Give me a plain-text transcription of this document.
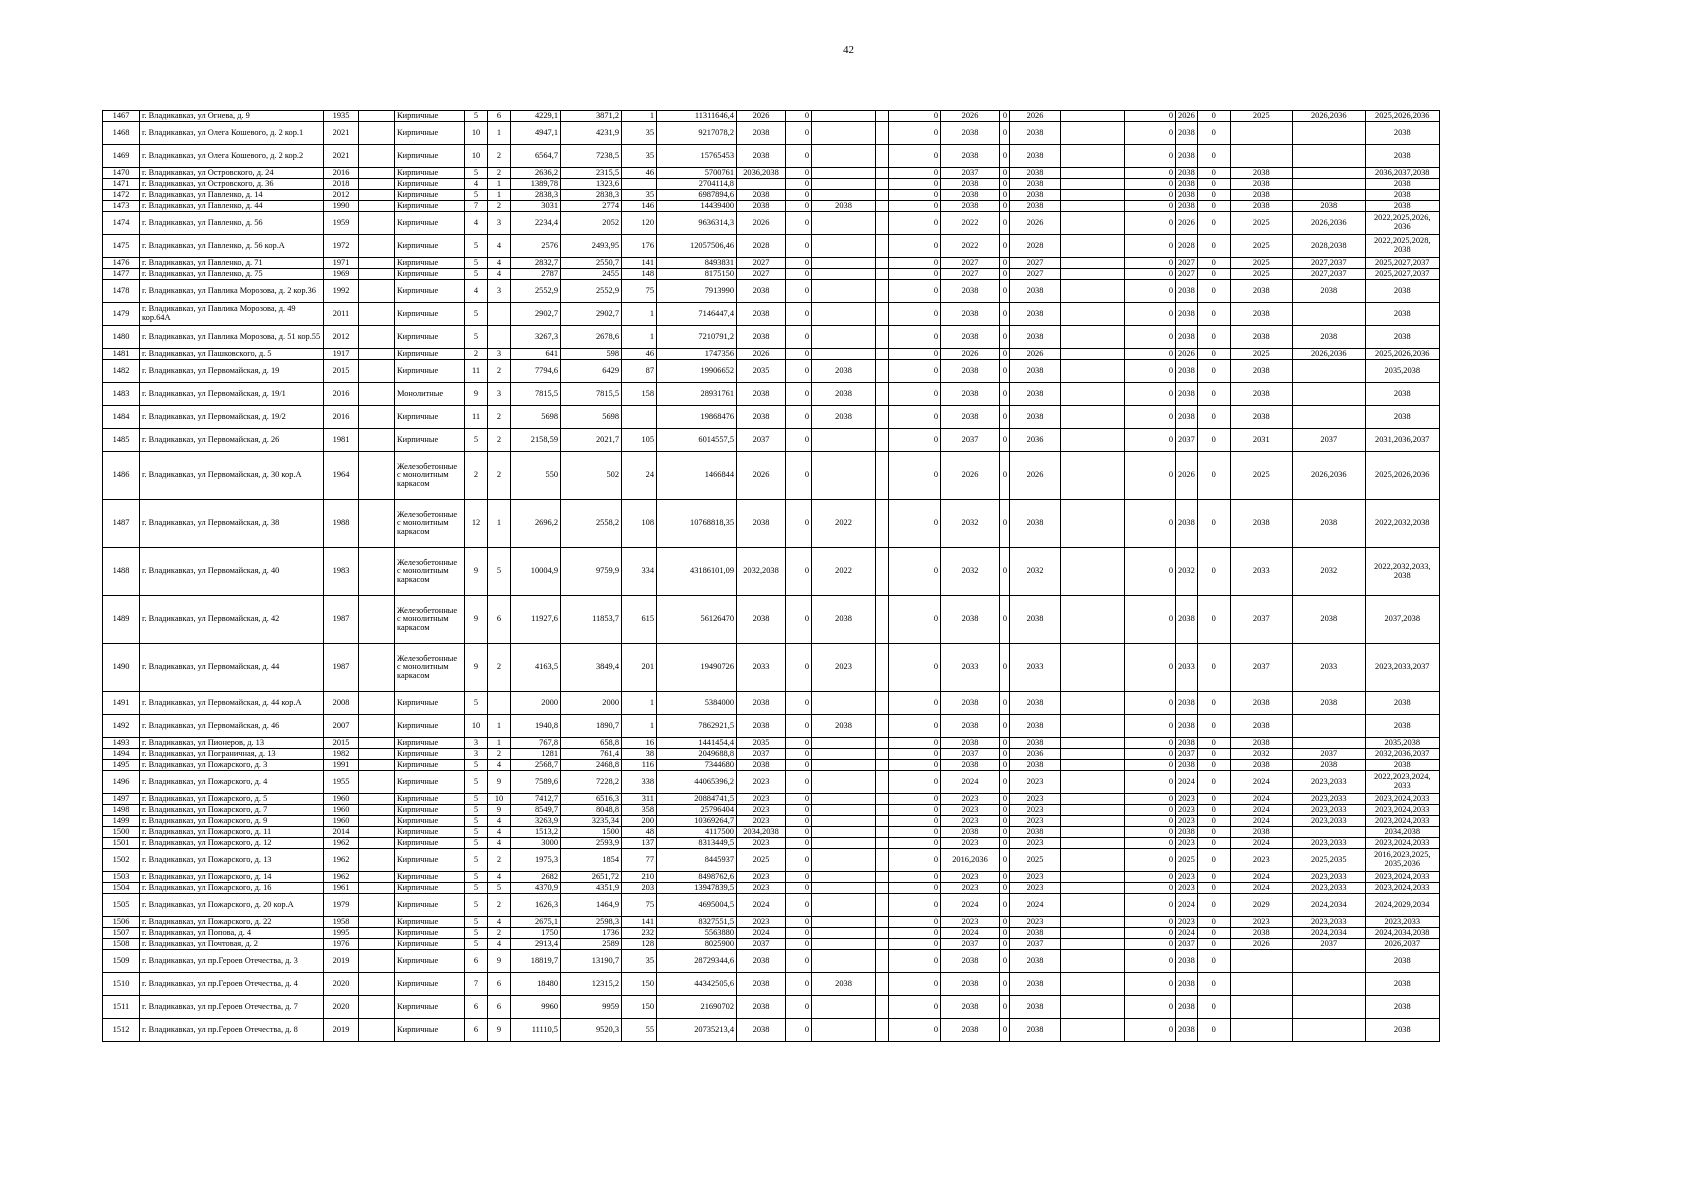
42
1467	г. Владикавказ, ул Огнева, д. 9	1935		Кирпичные	5	6	4229,1	3871,2	1	11311646,4	2026	0			0	2026	0	2026		0	2026	0	2025	2026,2036	2025,2026,2036
1468	г. Владикавказ, ул Олега Кошевого, д. 2 кор.1	2021		Кирпичные	10	1	4947,1	4231,9	35	9217078,2	2038	0			0	2038	0	2038		0	2038	0			2038
1469	г. Владикавказ, ул Олега Кошевого, д. 2 кор.2	2021		Кирпичные	10	2	6564,7	7238,5	35	15765453	2038	0			0	2038	0	2038		0	2038	0			2038
1470	г. Владикавказ, ул Островского, д. 24	2016		Кирпичные	5	2	2636,2	2315,5	46	5700761	2036,2038	0			0	2037	0	2038		0	2038	0	2038		2036,2037,2038
1471	г. Владикавказ, ул Островского, д. 36	2018		Кирпичные	4	1	1389,78	1323,6		2704114,8		0			0	2038	0	2038		0	2038	0	2038		2038
1472	г. Владикавказ, ул Павленко, д. 14	2012		Кирпичные	5	1	2838,3	2838,3	35	6987894,6	2038	0			0	2038	0	2038		0	2038	0	2038		2038
1473	г. Владикавказ, ул Павленко, д. 44	1990		Кирпичные	7	2	3031	2774	146	14439400	2038	0	2038		0	2038	0	2038		0	2038	0	2038	2038	2038
1474	г. Владикавказ, ул Павленко, д. 56	1959		Кирпичные	4	3	2234,4	2052	120	9636314,3	2026	0			0	2022	0	2026		0	2026	0	2025	2026,2036	2022,2025,2026, 2036
1475	г. Владикавказ, ул Павленко, д. 56 кор.А	1972		Кирпичные	5	4	2576	2493,95	176	12057506,46	2028	0			0	2022	0	2028		0	2028	0	2025	2028,2038	2022,2025,2028, 2038
1476	г. Владикавказ, ул Павленко, д. 71	1971		Кирпичные	5	4	2832,7	2550,7	141	8493831	2027	0			0	2027	0	2027		0	2027	0	2025	2027,2037	2025,2027,2037
1477	г. Владикавказ, ул Павленко, д. 75	1969		Кирпичные	5	4	2787	2455	148	8175150	2027	0			0	2027	0	2027		0	2027	0	2025	2027,2037	2025,2027,2037
1478	г. Владикавказ, ул Павлика Морозова, д. 2 кор.36	1992		Кирпичные	4	3	2552,9	2552,9	75	7913990	2038	0			0	2038	0	2038		0	2038	0	2038	2038	2038
1479	г. Владикавказ, ул Павлика Морозова, д. 49 кор.64А	2011		Кирпичные	5		2902,7	2902,7	1	7146447,4	2038	0			0	2038	0	2038		0	2038	0	2038		2038
1480	г. Владикавказ, ул Павлика Морозова, д. 51 кор.55	2012		Кирпичные	5		3267,3	2678,6	1	7210791,2	2038	0			0	2038	0	2038		0	2038	0	2038	2038	2038
1481	г. Владикавказ, ул Пашковского, д. 5	1917		Кирпичные	2	3	641	598	46	1747356	2026	0			0	2026	0	2026		0	2026	0	2025	2026,2036	2025,2026,2036
1482	г. Владикавказ, ул Первомайская, д. 19	2015		Кирпичные	11	2	7794,6	6429	87	19906652	2035	0	2038		0	2038	0	2038		0	2038	0	2038		2035,2038
1483	г. Владикавказ, ул Первомайская, д. 19/1	2016		Монолитные	9	3	7815,5	7815,5	158	28931761	2038	0	2038		0	2038	0	2038		0	2038	0	2038		2038
1484	г. Владикавказ, ул Первомайская, д. 19/2	2016		Кирпичные	11	2	5698	5698		19868476	2038	0	2038		0	2038	0	2038		0	2038	0	2038		2038
1485	г. Владикавказ, ул Первомайская, д. 26	1981		Кирпичные	5	2	2158,59	2021,7	105	6014557,5	2037	0			0	2037	0	2036		0	2037	0	2031	2037	2031,2036,2037
1486	г. Владикавказ, ул Первомайская, д. 30 кор.А	1964		Железобетонные с монолитным каркасом	2	2	550	502	24	1466844	2026	0			0	2026	0	2026		0	2026	0	2025	2026,2036	2025,2026,2036
1487	г. Владикавказ, ул Первомайская, д. 38	1988		Железобетонные с монолитным каркасом	12	1	2696,2	2558,2	108	10768818,35	2038	0	2022		0	2032	0	2038		0	2038	0	2038	2038	2022,2032,2038
1488	г. Владикавказ, ул Первомайская, д. 40	1983		Железобетонные с монолитным каркасом	9	5	10004,9	9759,9	334	43186101,09	2032,2038	0	2022		0	2032	0	2032		0	2032	0	2033	2032	2022,2032,2033, 2038
1489	г. Владикавказ, ул Первомайская, д. 42	1987		Железобетонные с монолитным каркасом	9	6	11927,6	11853,7	615	56126470	2038	0	2038		0	2038	0	2038		0	2038	0	2037	2038	2037,2038
1490	г. Владикавказ, ул Первомайская, д. 44	1987		Железобетонные с монолитным каркасом	9	2	4163,5	3849,4	201	19490726	2033	0	2023		0	2033	0	2033		0	2033	0	2037	2033	2023,2033,2037
1491	г. Владикавказ, ул Первомайская, д. 44 кор.А	2008		Кирпичные	5		2000	2000	1	5384000	2038	0			0	2038	0	2038		0	2038	0	2038	2038	2038
1492	г. Владикавказ, ул Первомайская, д. 46	2007		Кирпичные	10	1	1940,8	1890,7	1	7862921,5	2038	0	2038		0	2038	0	2038		0	2038	0	2038		2038
1493	г. Владикавказ, ул Пионеров, д. 13	2015		Кирпичные	3	1	767,8	658,8	16	1441454,4	2035	0			0	2038	0	2038		0	2038	0	2038		2035,2038
1494	г. Владикавказ, ул Пограничная, д. 13	1982		Кирпичные	3	2	1281	761,4	38	2049688,8	2037	0			0	2037	0	2036		0	2037	0	2032	2037	2032,2036,2037
1495	г. Владикавказ, ул Пожарского, д. 3	1991		Кирпичные	5	4	2568,7	2468,8	116	7344680	2038	0			0	2038	0	2038		0	2038	0	2038	2038	2038
1496	г. Владикавказ, ул Пожарского, д. 4	1955		Кирпичные	5	9	7589,6	7228,2	338	44065396,2	2023	0			0	2024	0	2023		0	2024	0	2024	2023,2033	2022,2023,2024, 2033
1497	г. Владикавказ, ул Пожарского, д. 5	1960		Кирпичные	5	10	7412,7	6516,3	311	20884741,5	2023	0			0	2023	0	2023		0	2023	0	2024	2023,2033	2023,2024,2033
1498	г. Владикавказ, ул Пожарского, д. 7	1960		Кирпичные	5	9	8549,7	8048,8	358	25796404	2023	0			0	2023	0	2023		0	2023	0	2024	2023,2033	2023,2024,2033
1499	г. Владикавказ, ул Пожарского, д. 9	1960		Кирпичные	5	4	3263,9	3235,34	200	10369264,7	2023	0			0	2023	0	2023		0	2023	0	2024	2023,2033	2023,2024,2033
1500	г. Владикавказ, ул Пожарского, д. 11	2014		Кирпичные	5	4	1513,2	1500	48	4117500	2034,2038	0			0	2038	0	2038		0	2038	0	2038		2034,2038
1501	г. Владикавказ, ул Пожарского, д. 12	1962		Кирпичные	5	4	3000	2593,9	137	8313449,5	2023	0			0	2023	0	2023		0	2023	0	2024	2023,2033	2023,2024,2033
1502	г. Владикавказ, ул Пожарского, д. 13	1962		Кирпичные	5	2	1975,3	1854	77	8445937	2025	0			0	2016,2036	0	2025		0	2025	0	2023	2025,2035	2016,2023,2025, 2035,2036
1503	г. Владикавказ, ул Пожарского, д. 14	1962		Кирпичные	5	4	2682	2651,72	210	8498762,6	2023	0			0	2023	0	2023		0	2023	0	2024	2023,2033	2023,2024,2033
1504	г. Владикавказ, ул Пожарского, д. 16	1961		Кирпичные	5	5	4370,9	4351,9	203	13947839,5	2023	0			0	2023	0	2023		0	2023	0	2024	2023,2033	2023,2024,2033
1505	г. Владикавказ, ул Пожарского, д. 20 кор.А	1979		Кирпичные	5	2	1626,3	1464,9	75	4695004,5	2024	0			0	2024	0	2024		0	2024	0	2029	2024,2034	2024,2029,2034
1506	г. Владикавказ, ул Пожарского, д. 22	1958		Кирпичные	5	4	2675,1	2598,3	141	8327551,5	2023	0			0	2023	0	2023		0	2023	0	2023	2023,2033	2023,2033
1507	г. Владикавказ, ул Попова, д. 4	1995		Кирпичные	5	2	1750	1736	232	5563880	2024	0			0	2024	0	2038		0	2024	0	2038	2024,2034	2024,2034,2038
1508	г. Владикавказ, ул Почтовая, д. 2	1976		Кирпичные	5	4	2913,4	2589	128	8025900	2037	0			0	2037	0	2037		0	2037	0	2026	2037	2026,2037
1509	г. Владикавказ, ул пр.Героев Отечества, д. 3	2019		Кирпичные	6	9	18819,7	13190,7	35	28729344,6	2038	0			0	2038	0	2038		0	2038	0			2038
1510	г. Владикавказ, ул пр.Героев Отечества, д. 4	2020		Кирпичные	7	6	18480	12315,2	150	44342505,6	2038	0	2038		0	2038	0	2038		0	2038	0			2038
1511	г. Владикавказ, ул пр.Героев Отечества, д. 7	2020		Кирпичные	6	6	9960	9959	150	21690702	2038	0			0	2038	0	2038		0	2038	0			2038
1512	г. Владикавказ, ул пр.Героев Отечества, д. 8	2019		Кирпичные	6	9	11110,5	9520,3	55	20735213,4	2038	0			0	2038	0	2038		0	2038	0			2038
